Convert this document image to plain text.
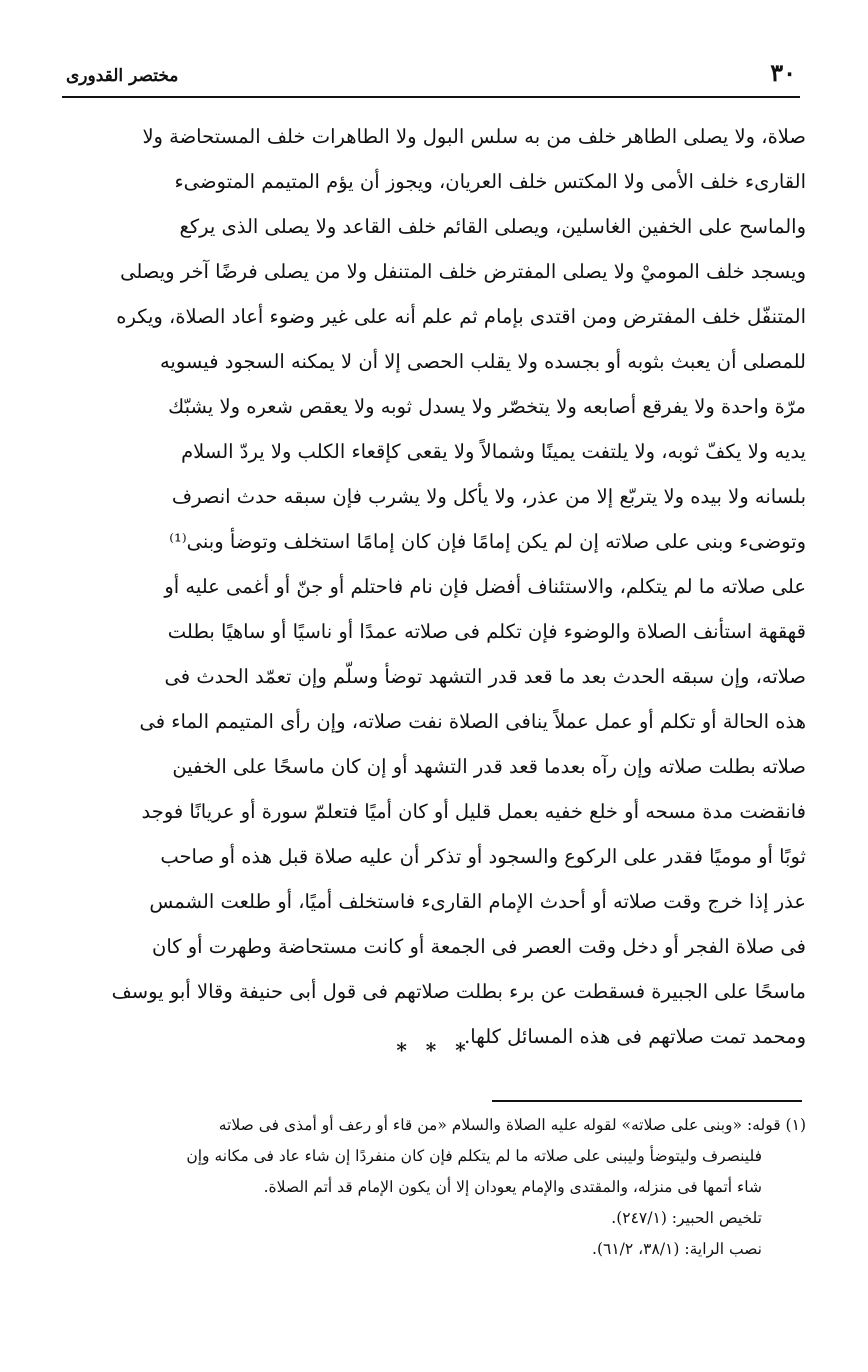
٣٠
مختصر القدورى
صلاة، ولا يصلى الطاهر خلف من به سلس البول ولا الطاهرات خلف المستحاضة ولا
القارىء خلف الأمى ولا المكتس خلف العريان، ويجوز أن يؤم المتيمم المتوضىء
والماسح على الخفين الغاسلين، ويصلى القائم خلف القاعد ولا يصلى الذى يركع
ويسجد خلف الموميْ ولا يصلى المفترض خلف المتنفل ولا من يصلى فرضًا آخر ويصلى
المتنفّل خلف المفترض ومن اقتدى بإمام ثم علم أنه على غير وضوء أعاد الصلاة، ويكره
للمصلى أن يعبث بثوبه أو بجسده ولا يقلب الحصى إلا أن لا يمكنه السجود فيسويه
مرّة واحدة ولا يفرقع أصابعه ولا يتخصّر ولا يسدل ثوبه ولا يعقص شعره ولا يشبّك
يديه ولا يكفّ ثوبه، ولا يلتفت يمينًا وشمالاً ولا يقعى كإقعاء الكلب ولا يردّ السلام
بلسانه ولا بيده ولا يتربّع إلا من عذر، ولا يأكل ولا يشرب فإن سبقه حدث انصرف
وتوضىء وبنى على صلاته إن لم يكن إمامًا فإن كان إمامًا استخلف وتوضأ وبنى⁽¹⁾
على صلاته ما لم يتكلم، والاستئناف أفضل فإن نام فاحتلم أو جنّ أو أغمى عليه أو
قهقهة استأنف الصلاة والوضوء فإن تكلم فى صلاته عمدًا أو ناسيًا أو ساهيًا بطلت
صلاته، وإن سبقه الحدث بعد ما قعد قدر التشهد توضأ وسلّم وإن تعمّد الحدث فى
هذه الحالة أو تكلم أو عمل عملاً ينافى الصلاة نفت صلاته، وإن رأى المتيمم الماء فى
صلاته بطلت صلاته وإن رآه بعدما قعد قدر التشهد أو إن كان ماسحًا على الخفين
فانقضت مدة مسحه أو خلع خفيه بعمل قليل أو كان أميًا فتعلمّ سورة أو عريانًا فوجد
ثوبًا أو موميًا فقدر على الركوع والسجود أو تذكر أن عليه صلاة قبل هذه أو صاحب
عذر إذا خرج وقت صلاته أو أحدث الإمام القارىء فاستخلف أميًا، أو طلعت الشمس
فى صلاة الفجر أو دخل وقت العصر فى الجمعة أو كانت مستحاضة وطهرت أو كان
ماسحًا على الجبيرة فسقطت عن برء بطلت صلاتهم فى قول أبى حنيفة وقالا أبو يوسف
ومحمد تمت صلاتهم فى هذه المسائل كلها.
* * *
(١) قوله: «وبنى على صلاته» لقوله عليه الصلاة والسلام «من قاء أو رعف أو أمذى فى صلاته
فلينصرف وليتوضأ وليبنى على صلاته ما لم يتكلم فإن كان منفردًا إن شاء عاد فى مكانه وإن
شاء أتمها فى منزله، والمقتدى والإمام يعودان إلا أن يكون الإمام قد أتم الصلاة.
تلخيص الحبير: (٢٤٧/١).
نصب الراية: (٣٨/١، ٦١/٢).
